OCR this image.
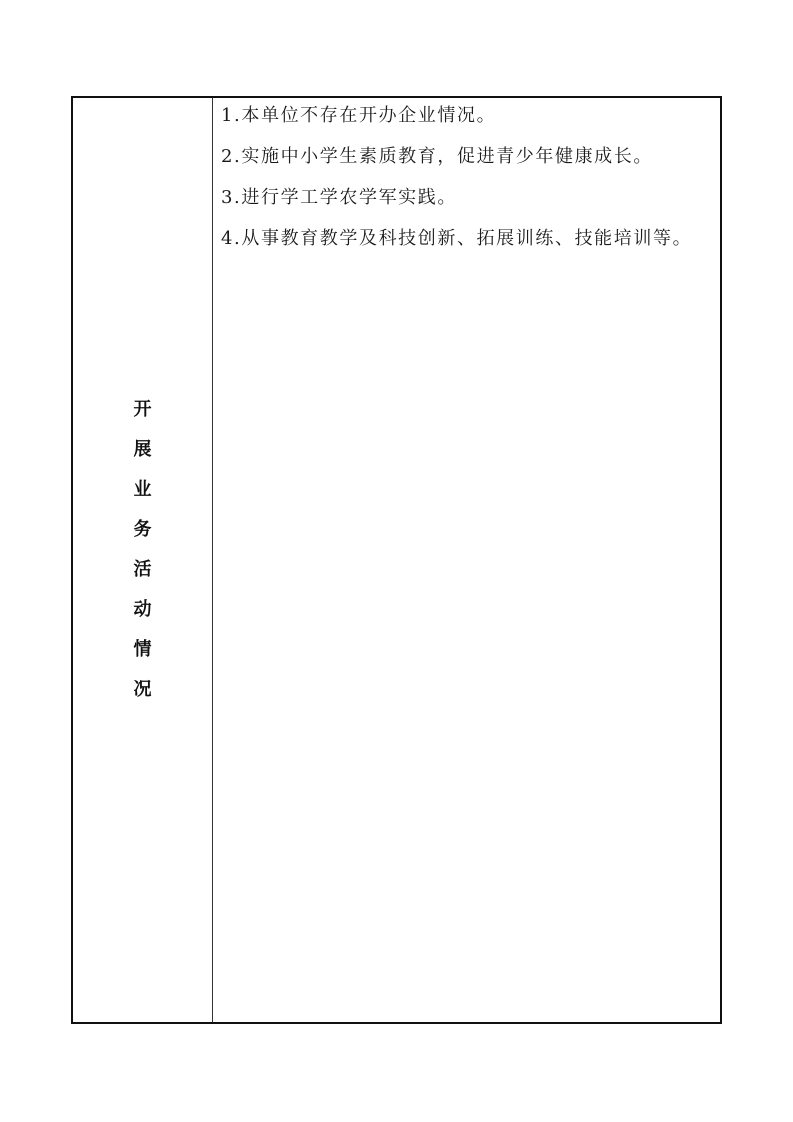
开
展
业
务
活
动
情
况

1.本单位不存在开办企业情况。

2.实施中小学生素质教育，促进青少年健康成长。

3.进行学工学农学军实践。

4.从事教育教学及科技创新、拓展训练、技能培训等。
